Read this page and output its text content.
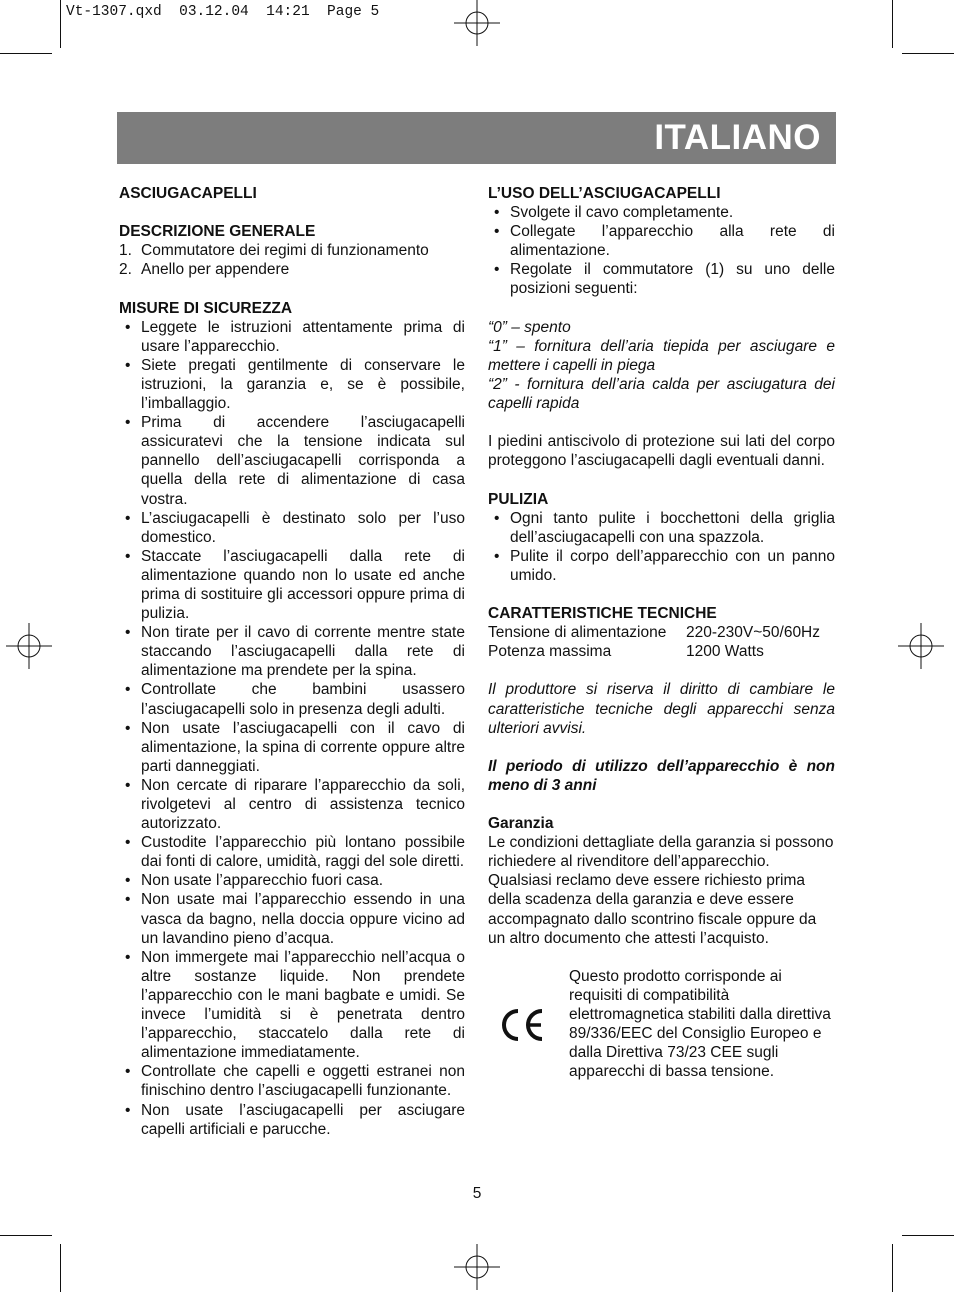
Vt-1307.qxd  03.12.04  14:21  Page 5
ITALIANO
ASCIUGACAPELLI
DESCRIZIONE GENERALE
1. Commutatore dei regimi di funzionamento
2. Anello per appendere
MISURE DI SICUREZZA
• Leggete le istruzioni attentamente prima di usare l’apparecchio.
• Siete pregati gentilmente di conservare le istruzioni, la garanzia e, se è possibile, l’imballaggio.
• Prima di accendere l’asciugacapelli assicuratevi che la tensione indicata sul pannello dell’asciugacapelli corrisponda a quella della rete di alimentazione di casa vostra.
• L’asciugacapelli è destinato solo per l’uso domestico.
• Staccate l’asciugacapelli dalla rete di alimentazione quando non lo usate ed anche prima di sostituire gli accessori oppure prima di pulizia.
• Non tirate per il cavo di corrente mentre state staccando l’asciugacapelli dalla rete di alimentazione ma prendete per la spina.
• Controllate che bambini usassero l’asciugacapelli solo in presenza degli adulti.
• Non usate l’asciugacapelli con il cavo di alimentazione, la spina di corrente oppure altre parti danneggiati.
• Non cercate di riparare l’apparecchio da soli, rivolgetevi al centro di assistenza tecnico autorizzato.
• Custodite l’apparecchio più lontano possibile dai fonti di calore, umidità, raggi del sole diretti.
• Non usate l’apparecchio fuori casa.
• Non usate mai l’apparecchio essendo in una vasca da bagno, nella doccia oppure vicino ad un lavandino pieno d’acqua.
• Non immergete mai l’apparecchio nell’acqua o altre sostanze liquide. Non prendete l’apparecchio con le mani bagbate e umidi. Se invece l’umidità si è penetrata dentro l’apparecchio, staccatelo dalla rete di alimentazione immediatamente.
• Controllate che capelli e oggetti estranei non finischino dentro l’asciugacapelli funzionante.
• Non usate l’asciugacapelli per asciugare capelli artificiali e parucche.
L’USO DELL’ASCIUGACAPELLI
• Svolgete il cavo completamente.
• Collegate l’apparecchio alla rete di alimentazione.
• Regolate il commutatore (1) su uno delle posizioni seguenti:
“0” – spento
“1” – fornitura dell’aria tiepida per asciugare e mettere i capelli in piega
“2” - fornitura dell’aria calda per asciugatura dei capelli rapida
I piedini antiscivolo di protezione sui lati del corpo proteggono l’asciugacapelli dagli eventuali danni.
PULIZIA
• Ogni tanto pulite i bocchettoni della griglia dell’asciugacapelli con una spazzola.
• Pulite il corpo dell’apparecchio con un panno umido.
CARATTERISTICHE TECNICHE
Tensione di alimentazione	220-230V~50/60Hz
Potenza massima	1200 Watts
Il produttore si riserva il diritto di cambiare le caratteristiche tecniche degli apparecchi senza ulteriori avvisi.
Il periodo di utilizzo dell’apparecchio è non meno di 3 anni
Garanzia
Le condizioni dettagliate della garanzia si possono richiedere al rivenditore dell’apparecchio. Qualsiasi reclamo deve essere richiesto prima della scadenza della garanzia e deve essere accompagnato dallo scontrino fiscale oppure da un altro documento che attesti l’acquisto.
Questo prodotto corrisponde ai requisiti di compatibilità elettromagnetica stabiliti dalla direttiva 89/336/EEC del Consiglio Europeo e dalla Direttiva 73/23 CEE sugli apparecchi di bassa tensione.
5
